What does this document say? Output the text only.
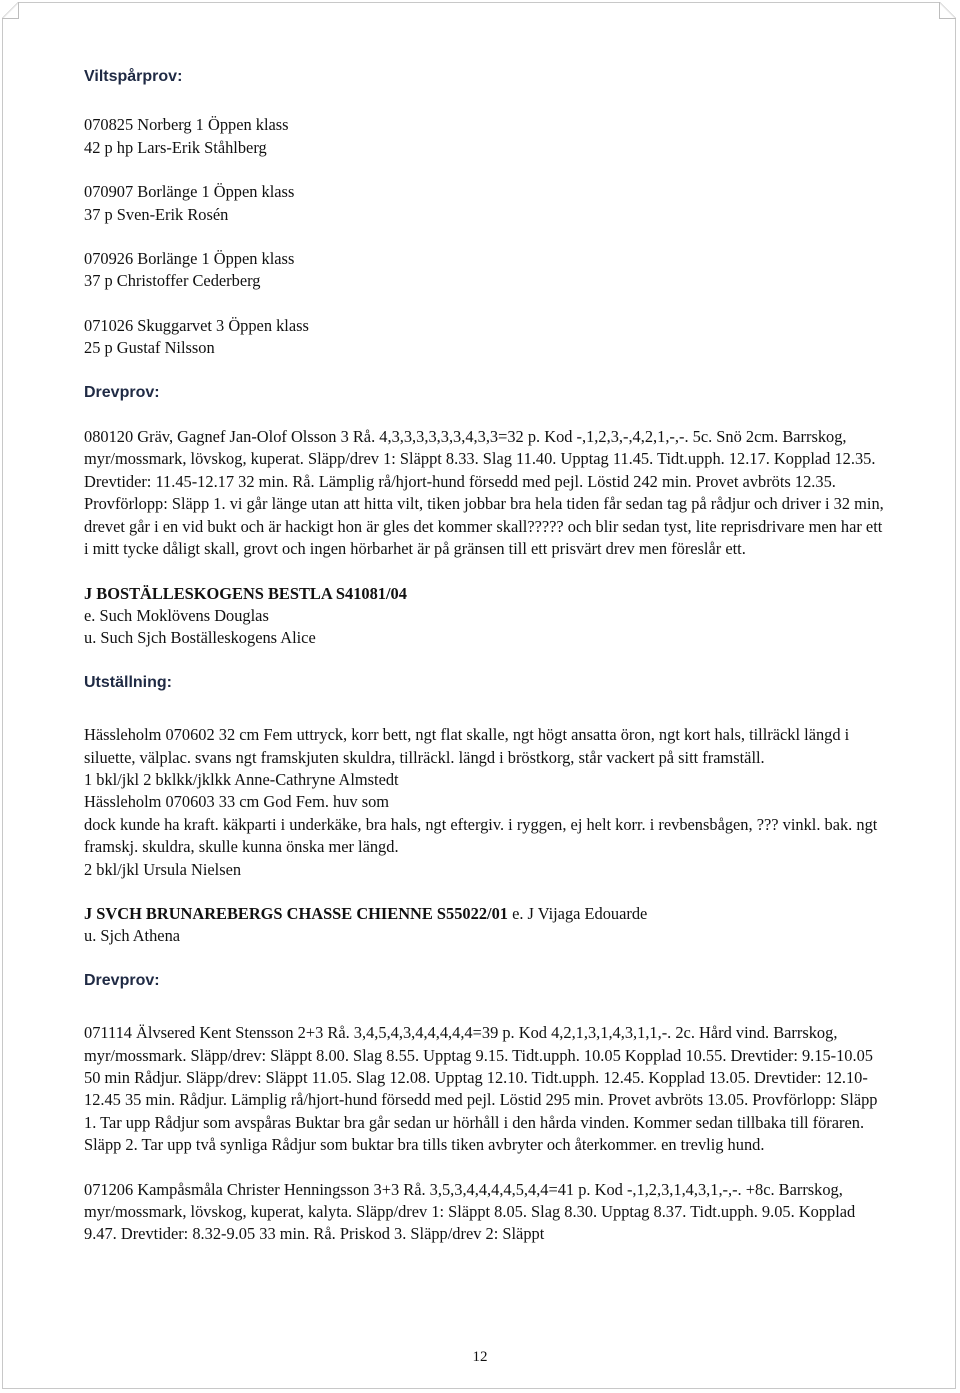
Viltspårprov:

070825 Norberg 1 Öppen klass

42 p hp Lars-Erik Ståhlberg

070907 Borlänge 1 Öppen klass

37 p Sven-Erik Rosén

070926 Borlänge 1 Öppen klass

37 p Christoffer Cederberg

071026 Skuggarvet 3 Öppen klass

25 p Gustaf Nilsson

Drevprov:

080120 Gräv, Gagnef Jan-Olof Olsson 3 Rå. 4,3,3,3,3,3,3,4,3,3=32 p. Kod -,1,2,3,-,4,2,1,-,-. 5c. Snö 2cm. Barrskog, myr/mossmark, lövskog, kuperat. Släpp/drev 1: Släppt 8.33. Slag 11.40. Upptag 11.45. Tidt.upph. 12.17. Kopplad 12.35. Drevtider: 11.45-12.17 32 min. Rå. Lämplig rå/hjort-hund försedd med pejl. Löstid 242 min. Provet avbröts 12.35. Provförlopp: Släpp 1. vi går länge utan att hitta vilt, tiken jobbar bra hela tiden får sedan tag på rådjur och driver i 32 min, drevet går i en vid bukt och är hackigt hon är gles det kommer skall????? och blir sedan tyst, lite reprisdrivare men har ett i mitt tycke dåligt skall, grovt och ingen hörbarhet är på gränsen till ett prisvärt drev men föreslår ett.

J BOSTÄLLESKOGENS BESTLA S41081/04

e. Such Moklövens Douglas

u. Such Sjch Boställeskogens Alice

Utställning:

Hässleholm 070602 32 cm Fem uttryck, korr bett, ngt flat skalle, ngt högt ansatta öron, ngt kort hals, tillräckl längd i siluette, välplac. svans ngt framskjuten skuldra, tillräckl. längd i bröstkorg, står vackert på sitt framställ.

1 bkl/jkl 2 bklkk/jklkk Anne-Cathryne Almstedt

Hässleholm 070603 33 cm God Fem. huv som

dock kunde ha kraft. käkparti i underkäke, bra hals, ngt eftergiv. i ryggen, ej helt korr. i revbensbågen, ??? vinkl. bak. ngt framskj. skuldra, skulle kunna önska mer längd.

2 bkl/jkl Ursula Nielsen

J SVCH BRUNAREBERGS CHASSE CHIENNE S55022/01 e. J Vijaga Edouarde

u. Sjch Athena

Drevprov:

071114 Älvsered Kent Stensson 2+3 Rå. 3,4,5,4,3,4,4,4,4,4=39 p. Kod 4,2,1,3,1,4,3,1,1,-. 2c. Hård vind. Barrskog, myr/mossmark. Släpp/drev: Släppt 8.00. Slag 8.55. Upptag 9.15. Tidt.upph. 10.05 Kopplad 10.55. Drevtider: 9.15-10.05 50 min Rådjur. Släpp/drev: Släppt 11.05. Slag 12.08. Upptag 12.10. Tidt.upph. 12.45. Kopplad 13.05. Drevtider: 12.10-12.45 35 min. Rådjur. Lämplig rå/hjort-hund försedd med pejl. Löstid 295 min. Provet avbröts 13.05. Provförlopp: Släpp 1. Tar upp Rådjur som avspåras Buktar bra går sedan ur hörhåll i den hårda vinden. Kommer sedan tillbaka till föraren. Släpp 2. Tar upp två synliga Rådjur som buktar bra tills tiken avbryter och återkommer. en trevlig hund.

071206 Kampåsmåla Christer Henningsson 3+3 Rå. 3,5,3,4,4,4,4,5,4,4=41 p. Kod -,1,2,3,1,4,3,1,-,-. +8c. Barrskog, myr/mossmark, lövskog, kuperat, kalyta. Släpp/drev 1: Släppt 8.05. Slag 8.30. Upptag 8.37. Tidt.upph. 9.05. Kopplad 9.47. Drevtider: 8.32-9.05 33 min. Rå. Priskod 3. Släpp/drev 2: Släppt

12
